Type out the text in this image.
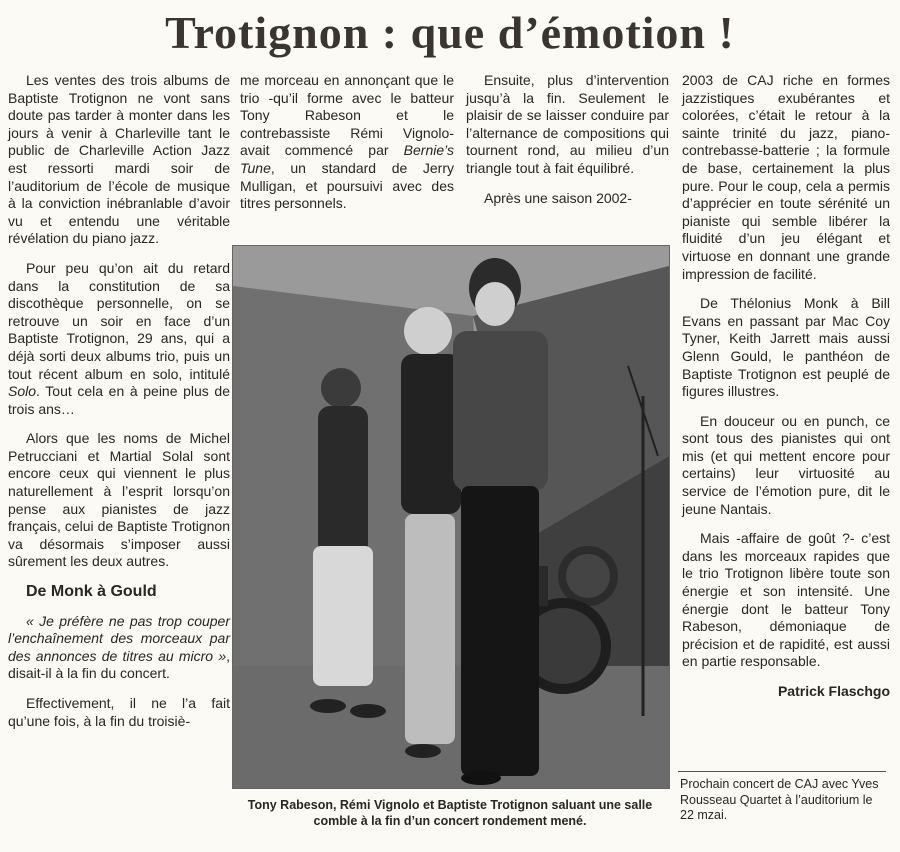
Trotignon : que d’émotion !

Les ventes des trois albums de Baptiste Trotignon ne vont sans doute pas tarder à monter dans les jours à venir à Charleville tant le public de Charleville Action Jazz est ressorti mardi soir de l’auditorium de l’école de musique à la conviction inébranlable d’avoir vu et entendu une véritable révélation du piano jazz.

Pour peu qu’on ait du retard dans la constitution de sa discothèque personnelle, on se retrouve un soir en face d’un Baptiste Trotignon, 29 ans, qui a déjà sorti deux albums trio, puis un tout récent album en solo, intitulé Solo. Tout cela en à peine plus de trois ans…

Alors que les noms de Michel Petrucciani et Martial Solal sont encore ceux qui viennent le plus naturellement à l’esprit lorsqu’on pense aux pianistes de jazz français, celui de Baptiste Trotignon va désormais s’imposer aussi sûrement les deux autres.

De Monk à Gould

« Je préfère ne pas trop couper l’enchaînement des morceaux par des annonces de titres au micro », disait-il à la fin du concert.

Effectivement, il ne l’a fait qu’une fois, à la fin du troisiè-

me morceau en annonçant que le trio -qu’il forme avec le batteur Tony Rabeson et le contrebassiste Rémi Vignolo- avait commencé par Bernie’s Tune, un standard de Jerry Mulligan, et poursuivi avec des titres personnels.

Ensuite, plus d’intervention jusqu’à la fin. Seulement le plaisir de se laisser conduire par l’alternance de compositions qui tournent rond, au milieu d’un triangle tout à fait équilibré.

Après une saison 2002-

2003 de CAJ riche en formes jazzistiques exubérantes et colorées, c’était le retour à la sainte trinité du jazz, piano-contrebasse-batterie ; la formule de base, certainement la plus pure. Pour le coup, cela a permis d’apprécier en toute sérénité un pianiste qui semble libérer la fluidité d’un jeu élégant et virtuose en donnant une grande impression de facilité.

De Thélonius Monk à Bill Evans en passant par Mac Coy Tyner, Keith Jarrett mais aussi Glenn Gould, le panthéon de Baptiste Trotignon est peuplé de figures illustres.

En douceur ou en punch, ce sont tous des pianistes qui ont mis (et qui mettent encore pour certains) leur virtuosité au service de l’émotion pure, dit le jeune Nantais.

Mais -affaire de goût ?- c’est dans les morceaux rapides que le trio Trotignon libère toute son énergie et son intensité. Une énergie dont le batteur Tony Rabeson, démoniaque de précision et de rapidité, est aussi en partie responsable.

Patrick Flaschgo

Tony Rabeson, Rémi Vignolo et Baptiste Trotignon saluant une salle
comble à la fin d’un concert rondement mené.
Prochain concert de CAJ avec Yves Rousseau Quartet à l’auditorium le 22 mzai.
